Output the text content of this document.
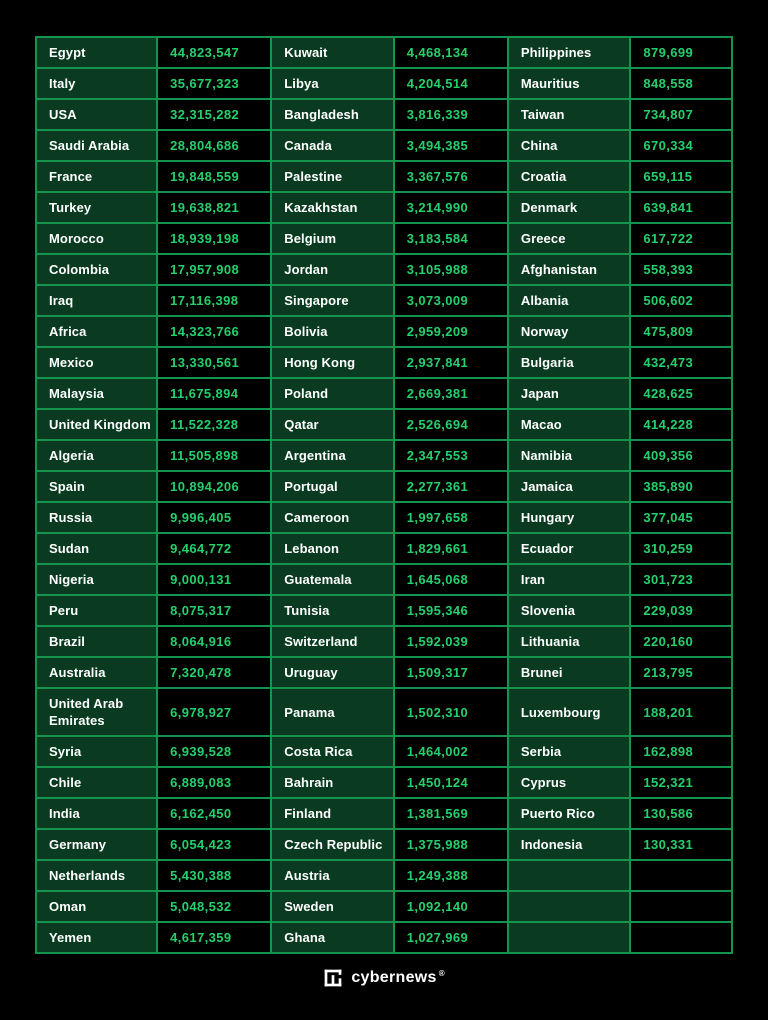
Egypt	44,823,547	Kuwait	4,468,134	Philippines	879,699
Italy	35,677,323	Libya	4,204,514	Mauritius	848,558
USA	32,315,282	Bangladesh	3,816,339	Taiwan	734,807
Saudi Arabia	28,804,686	Canada	3,494,385	China	670,334
France	19,848,559	Palestine	3,367,576	Croatia	659,115
Turkey	19,638,821	Kazakhstan	3,214,990	Denmark	639,841
Morocco	18,939,198	Belgium	3,183,584	Greece	617,722
Colombia	17,957,908	Jordan	3,105,988	Afghanistan	558,393
Iraq	17,116,398	Singapore	3,073,009	Albania	506,602
Africa	14,323,766	Bolivia	2,959,209	Norway	475,809
Mexico	13,330,561	Hong Kong	2,937,841	Bulgaria	432,473
Malaysia	11,675,894	Poland	2,669,381	Japan	428,625
United Kingdom	11,522,328	Qatar	2,526,694	Macao	414,228
Algeria	11,505,898	Argentina	2,347,553	Namibia	409,356
Spain	10,894,206	Portugal	2,277,361	Jamaica	385,890
Russia	9,996,405	Cameroon	1,997,658	Hungary	377,045
Sudan	9,464,772	Lebanon	1,829,661	Ecuador	310,259
Nigeria	9,000,131	Guatemala	1,645,068	Iran	301,723
Peru	8,075,317	Tunisia	1,595,346	Slovenia	229,039
Brazil	8,064,916	Switzerland	1,592,039	Lithuania	220,160
Australia	7,320,478	Uruguay	1,509,317	Brunei	213,795
United Arab Emirates	6,978,927	Panama	1,502,310	Luxembourg	188,201
Syria	6,939,528	Costa Rica	1,464,002	Serbia	162,898
Chile	6,889,083	Bahrain	1,450,124	Cyprus	152,321
India	6,162,450	Finland	1,381,569	Puerto Rico	130,586
Germany	6,054,423	Czech Republic	1,375,988	Indonesia	130,331
Netherlands	5,430,388	Austria	1,249,388		
Oman	5,048,532	Sweden	1,092,140		
Yemen	4,617,359	Ghana	1,027,969		
cybernews ®
